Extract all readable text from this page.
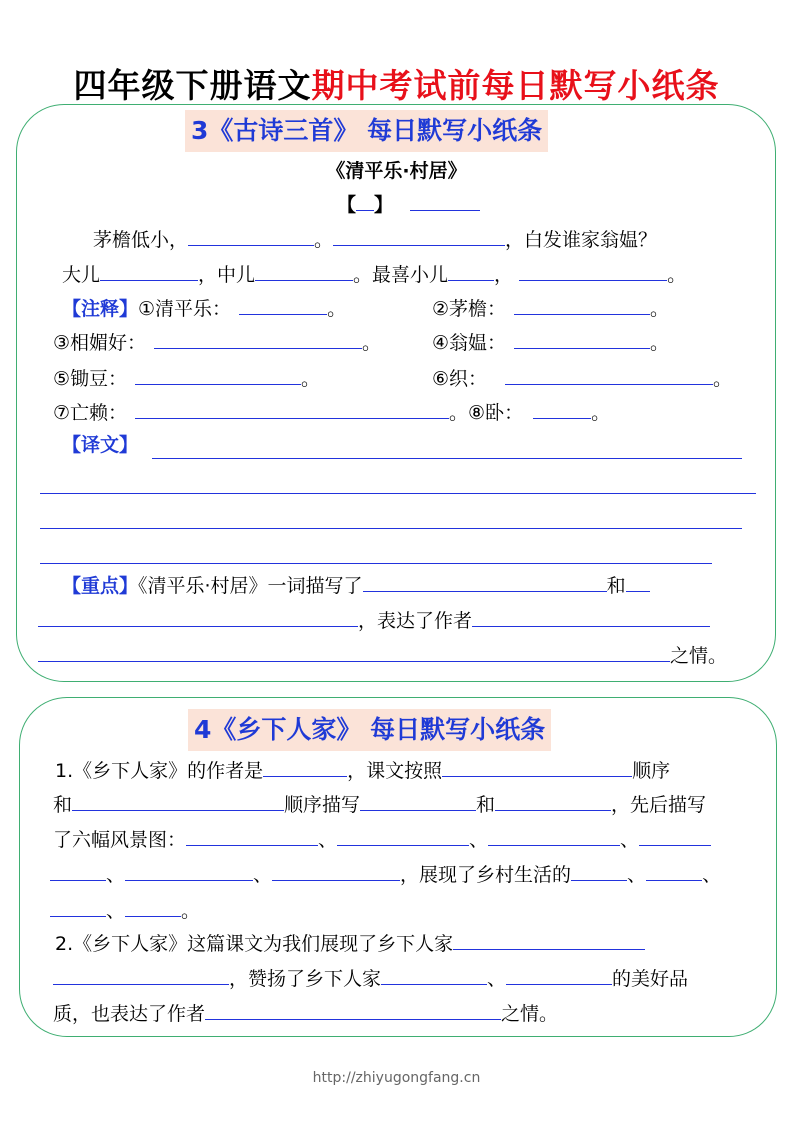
四年级下册语文期中考试前每日默写小纸条
3《古诗三首》 每日默写小纸条
《清平乐·村居》
【 】
茅檐低小，	。	，白发谁家翁媪？
大儿	，中儿	。最喜小儿 ，	。
【注释】①清平乐：	。	②茅檐：	。
③相媚好：	。	④翁媪：	。
⑤锄豆：	。	⑥织：	。
⑦亡赖：	。⑧卧：	。
【译文】
【重点】《清平乐·村居》一词描写了	和
，表达了作者
之情。
4《乡下人家》 每日默写小纸条
1.《乡下人家》的作者是	，课文按照	顺序
和	顺序描写	和	，先后描写
了六幅风景图：	、	、	、
、	、	，展现了乡村生活的	、	、
、	。
2.《乡下人家》这篇课文为我们展现了乡下人家
，赞扬了乡下人家	、	的美好品
质，也表达了作者	之情。
http://zhiyugongfang.cn
